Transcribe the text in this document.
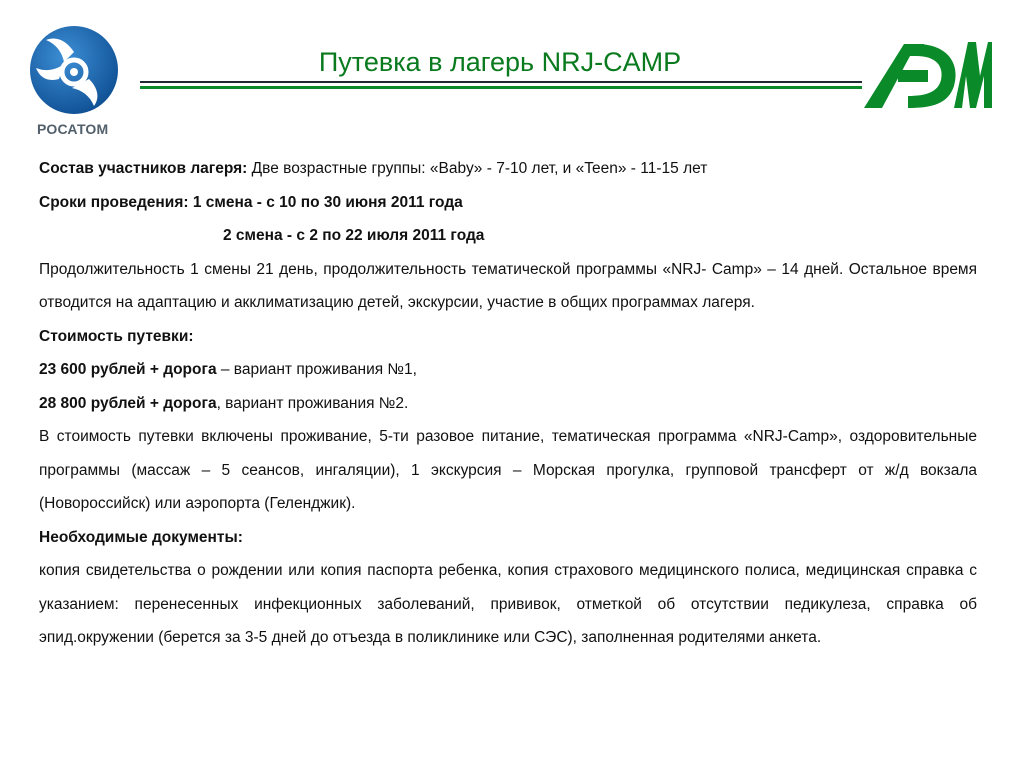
РОСАТОМ
Путевка в лагерь NRJ-CAMP

Состав участников лагеря: Две возрастные группы: «Baby» - 7-10 лет, и «Teen» - 11-15 лет

Сроки проведения: 1 смена - с 10 по 30 июня 2011 года

2 смена - с 2 по 22 июля 2011 года

Продолжительность 1 смены 21 день, продолжительность тематической программы «NRJ- Camp» – 14 дней. Остальное время отводится на адаптацию и акклиматизацию детей, экскурсии, участие в общих программах лагеря.

Стоимость путевки:

23 600 рублей + дорога – вариант проживания №1,

28 800 рублей + дорога, вариант проживания №2.

В стоимость путевки включены проживание, 5-ти разовое питание, тематическая программа «NRJ-Camp», оздоровительные программы (массаж – 5 сеансов, ингаляции), 1 экскурсия – Морская прогулка, групповой трансферт от ж/д вокзала (Новороссийск) или аэропорта (Геленджик).

Необходимые документы:

копия свидетельства о рождении или копия паспорта ребенка, копия страхового медицинского полиса, медицинская справка с указанием: перенесенных инфекционных заболеваний, прививок, отметкой об отсутствии педикулеза, справка об эпид.окружении (берется за 3-5 дней до отъезда в поликлинике или СЭС), заполненная родителями анкета.
